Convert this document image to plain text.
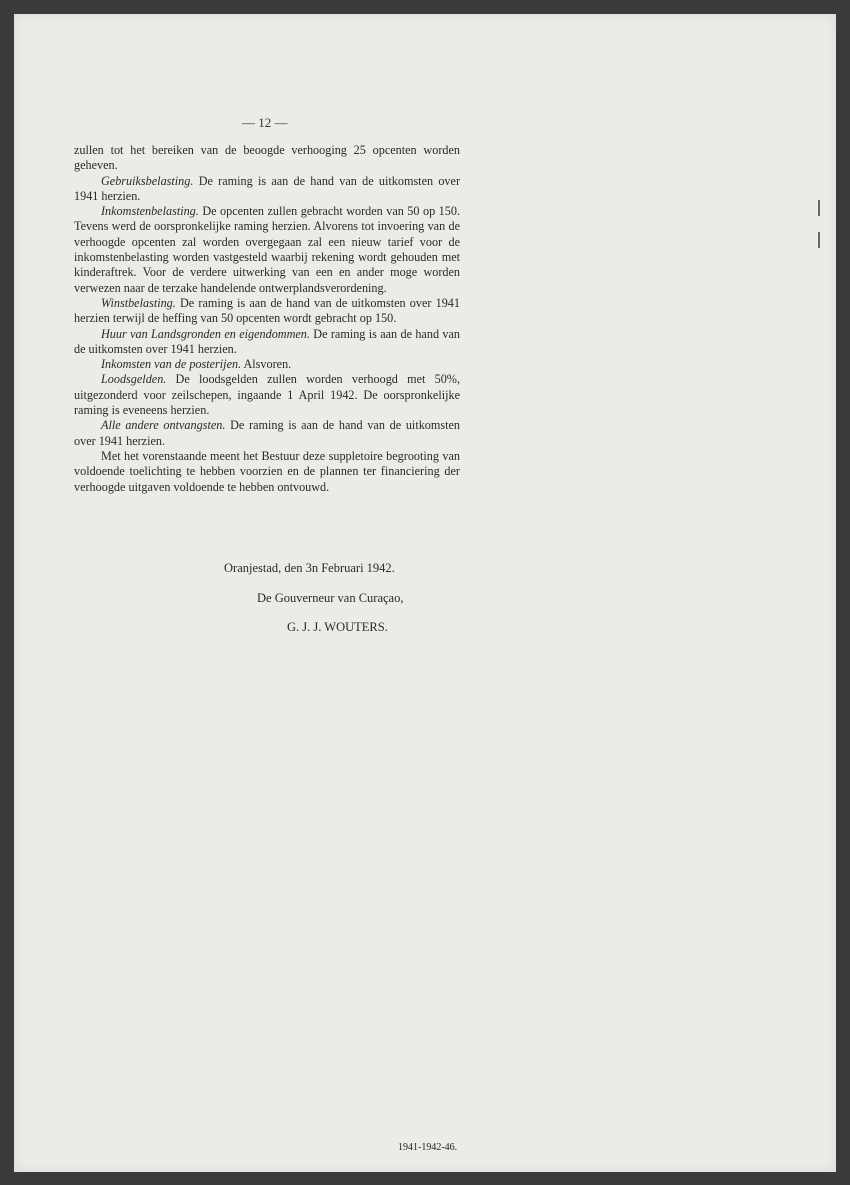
— 12 —

zullen tot het bereiken van de beoogde verhooging 25 opcenten worden geheven.

Gebruiksbelasting. De raming is aan de hand van de uitkomsten over 1941 herzien.

Inkomstenbelasting. De opcenten zullen gebracht worden van 50 op 150. Tevens werd de oorspronkelijke raming herzien. Alvorens tot invoering van de verhoogde opcenten zal worden overgegaan zal een nieuw tarief voor de inkomstenbelasting worden vastgesteld waarbij rekening wordt gehouden met kinderaftrek. Voor de verdere uitwerking van een en ander moge worden verwezen naar de terzake handelende ontwerplandsverordening.

Winstbelasting. De raming is aan de hand van de uitkomsten over 1941 herzien terwijl de heffing van 50 opcenten wordt gebracht op 150.

Huur van Landsgronden en eigendommen. De raming is aan de hand van de uitkomsten over 1941 herzien.

Inkomsten van de posterijen. Alsvoren.

Loodsgelden. De loodsgelden zullen worden verhoogd met 50%, uitgezonderd voor zeilschepen, ingaande 1 April 1942. De oorspronkelijke raming is eveneens herzien.

Alle andere ontvangsten. De raming is aan de hand van de uitkomsten over 1941 herzien.

Met het vorenstaande meent het Bestuur deze suppletoire begrooting van voldoende toelichting te hebben voorzien en de plannen ter financiering der verhoogde uitgaven voldoende te hebben ontvouwd.

Oranjestad, den 3n Februari 1942.
De Gouverneur van Curaçao,
G. J. J. WOUTERS.
1941-1942-46.
